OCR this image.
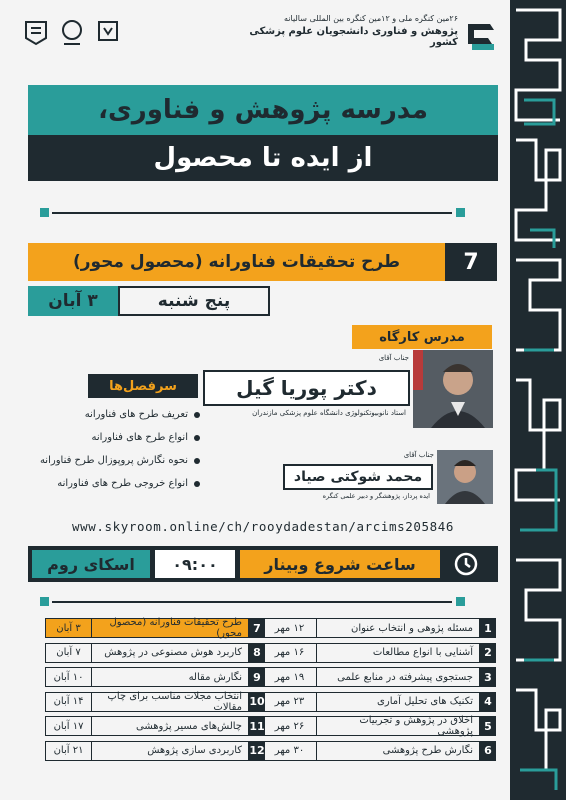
۲۶مین کنگره ملی و ۱۲مین کنگره بین المللی سالیانه
پژوهش و فناوری دانشجویان علوم پزشکی کشور
مدرسه پژوهش و فناوری،
از ایده تا محصول
7
طرح تحقیقات فناورانه (محصول محور)
پنج شنبه
۳ آبان
مدرس کارگاه
جناب آقای
دکتر پوریا گیل
استاد نانوبیوتکنولوژی دانشگاه علوم پزشکی مازندران
سرفصل‌ها
تعریف طرح های فناورانه
انواع طرح های فناورانه
نحوه نگارش پروپوزال طرح فناورانه
انواع خروجی طرح های فناورانه
جناب آقای
محمد شوکتی صیاد
ایده پرداز، پژوهشگر و دبیر علمی کنگره
www.skyroom.online/ch/rooydadestan/arcims205846
ساعت شروع وبینار
۰۹:۰۰
اسکای روم
1
مسئله پژوهی و انتخاب عنوان
۱۲ مهر
2
آشنایی با انواع مطالعات
۱۶ مهر
3
جستجوی پیشرفته در منابع علمی
۱۹ مهر
4
تکنیک های تحلیل آماری
۲۳ مهر
5
اخلاق در پژوهش و تجربیات پژوهشی
۲۶ مهر
6
نگارش طرح پژوهشی
۳۰ مهر
7
طرح تحقیقات فناورانه (محصول محور)
۳ آبان
8
کاربرد هوش مصنوعی در پژوهش
۷ آبان
9
نگارش مقاله
۱۰ آبان
10
انتخاب مجلات مناسب برای چاپ مقالات
۱۴ آبان
11
چالش‌های مسیر پژوهشی
۱۷ آبان
12
کاربردی سازی پژوهش
۲۱ آبان
